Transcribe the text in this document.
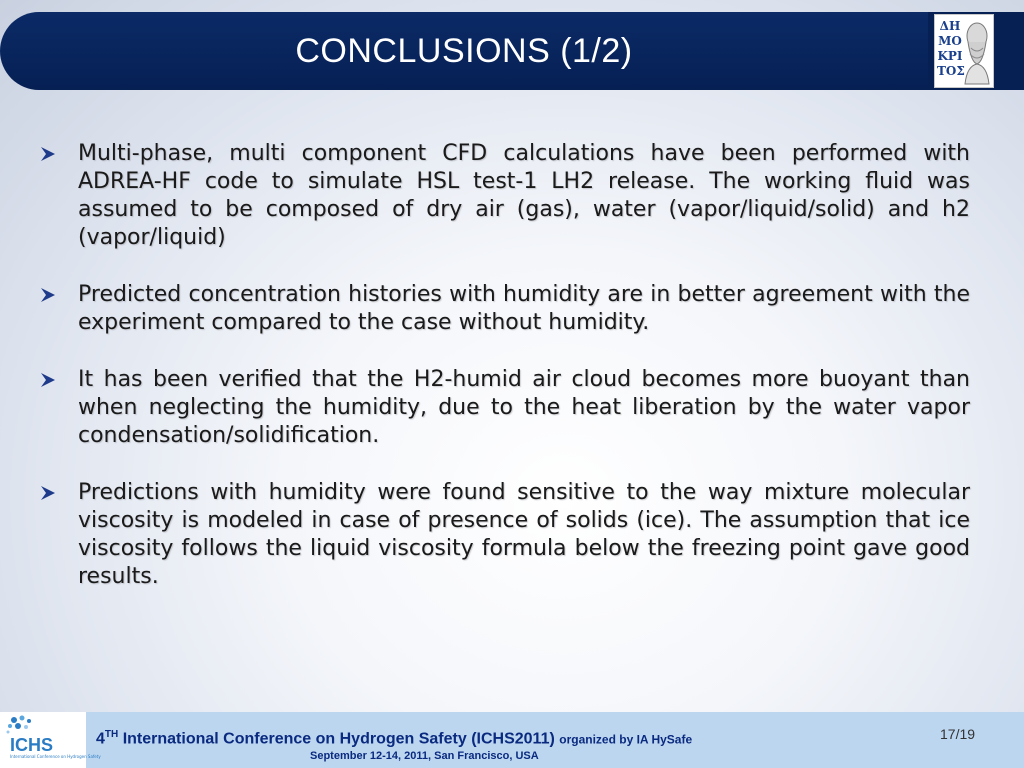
CONCLUSIONS (1/2)
ΔΗ
ΜΟ
ΚΡΙ
ΤΟΣ
Multi-phase, multi component CFD calculations have been performed with ADREA-HF code to simulate HSL test-1 LH2 release. The working fluid was assumed to be composed of dry air (gas), water (vapor/liquid/solid) and h2 (vapor/liquid)
Predicted concentration histories with humidity are in better agreement with the experiment compared to the case without humidity.
It has been verified that the H2-humid air cloud becomes more buoyant than when neglecting the humidity, due to the heat liberation by the water vapor condensation/solidification.
Predictions with humidity were found sensitive to the way mixture molecular viscosity is modeled in case of presence of solids (ice). The assumption that ice viscosity follows the liquid viscosity formula below the freezing point gave good results.
ICHS
International Conference on Hydrogen Safety
4TH International Conference on Hydrogen Safety (ICHS2011) organized by IA HySafe
September 12-14, 2011, San Francisco, USA
17/19
